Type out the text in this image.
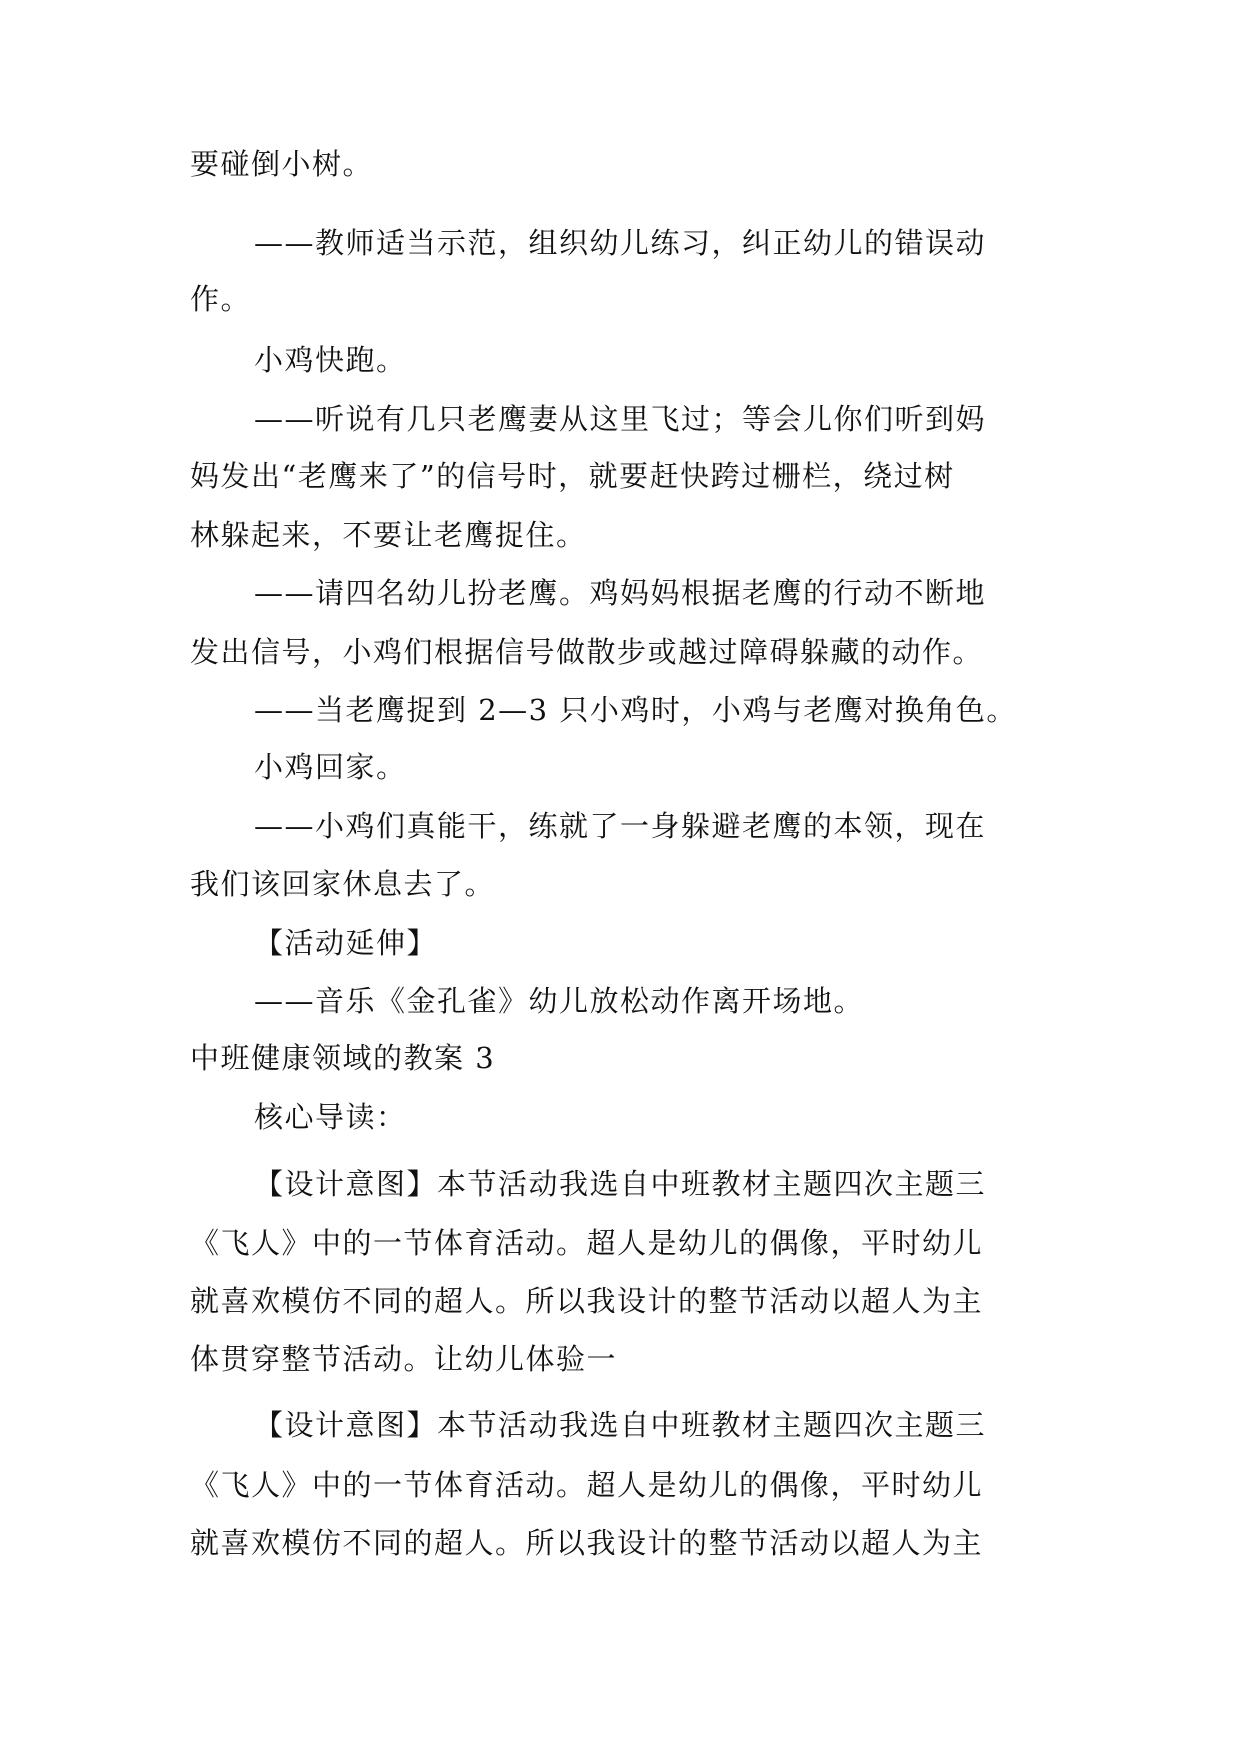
要碰倒小树。
——教师适当示范，组织幼儿练习，纠正幼儿的错误动
作。
小鸡快跑。
——听说有几只老鹰妻从这里飞过；等会儿你们听到妈
妈发出“老鹰来了”的信号时，就要赶快跨过栅栏，绕过树
林躲起来，不要让老鹰捉住。
——请四名幼儿扮老鹰。鸡妈妈根据老鹰的行动不断地
发出信号，小鸡们根据信号做散步或越过障碍躲藏的动作。
——当老鹰捉到 2—3 只小鸡时，小鸡与老鹰对换角色。
小鸡回家。
——小鸡们真能干，练就了一身躲避老鹰的本领，现在
我们该回家休息去了。
【活动延伸】
——音乐《金孔雀》幼儿放松动作离开场地。
中班健康领域的教案 3
核心导读：
【设计意图】本节活动我选自中班教材主题四次主题三
《飞人》中的一节体育活动。超人是幼儿的偶像，平时幼儿
就喜欢模仿不同的超人。所以我设计的整节活动以超人为主
体贯穿整节活动。让幼儿体验一
【设计意图】本节活动我选自中班教材主题四次主题三
《飞人》中的一节体育活动。超人是幼儿的偶像，平时幼儿
就喜欢模仿不同的超人。所以我设计的整节活动以超人为主
